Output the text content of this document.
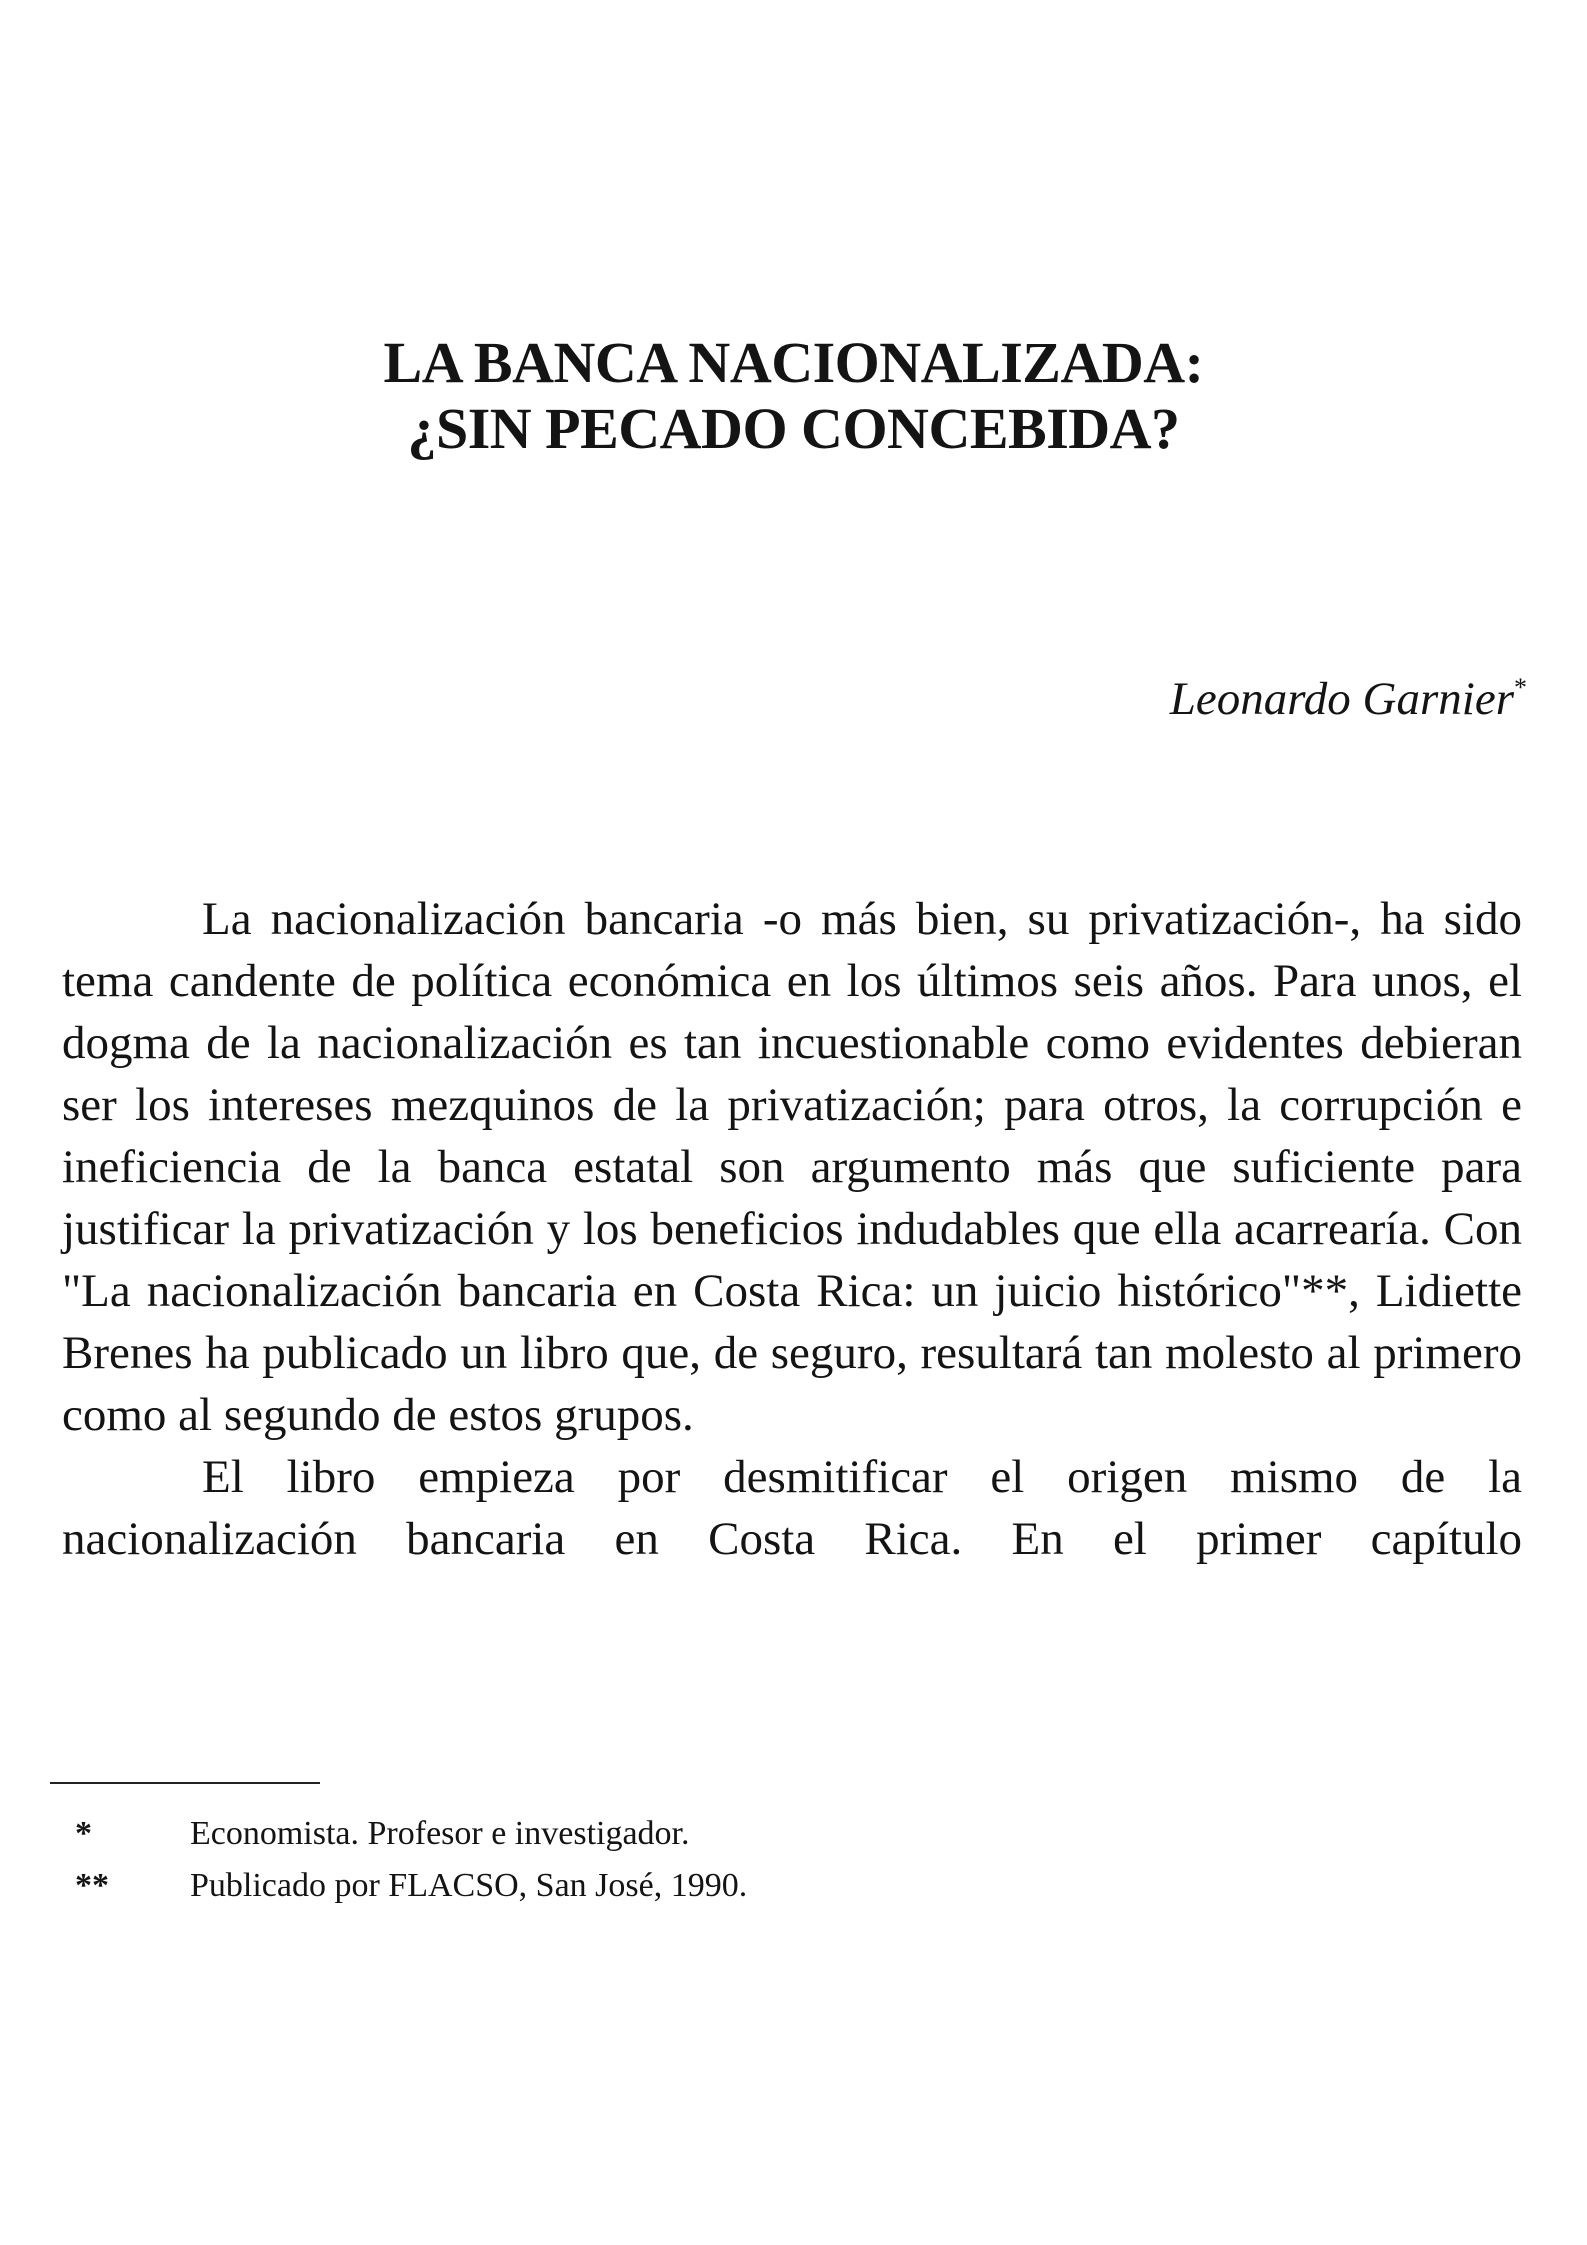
LA BANCA NACIONALIZADA:
¿SIN PECADO CONCEBIDA?
Leonardo Garnier*

La nacionalización bancaria -o más bien, su privatización-, ha sido tema candente de política económica en los últimos seis años. Para unos, el dogma de la nacionalización es tan incuestionable como evidentes debieran ser los intereses mezquinos de la privatización; para otros, la corrupción e ineficiencia de la banca estatal son argumento más que suficiente para justificar la privatización y los beneficios indudables que ella acarrearía. Con "La nacionalización bancaria en Costa Rica: un juicio histórico"**, Lidiette Brenes ha publicado un libro que, de seguro, resultará tan molesto al primero como al segundo de estos grupos.

El libro empieza por desmitificar el origen mismo de la nacionalización bancaria en Costa Rica. En el primer capítulo

*	Economista. Profesor e investigador.
**	Publicado por FLACSO, San José, 1990.
